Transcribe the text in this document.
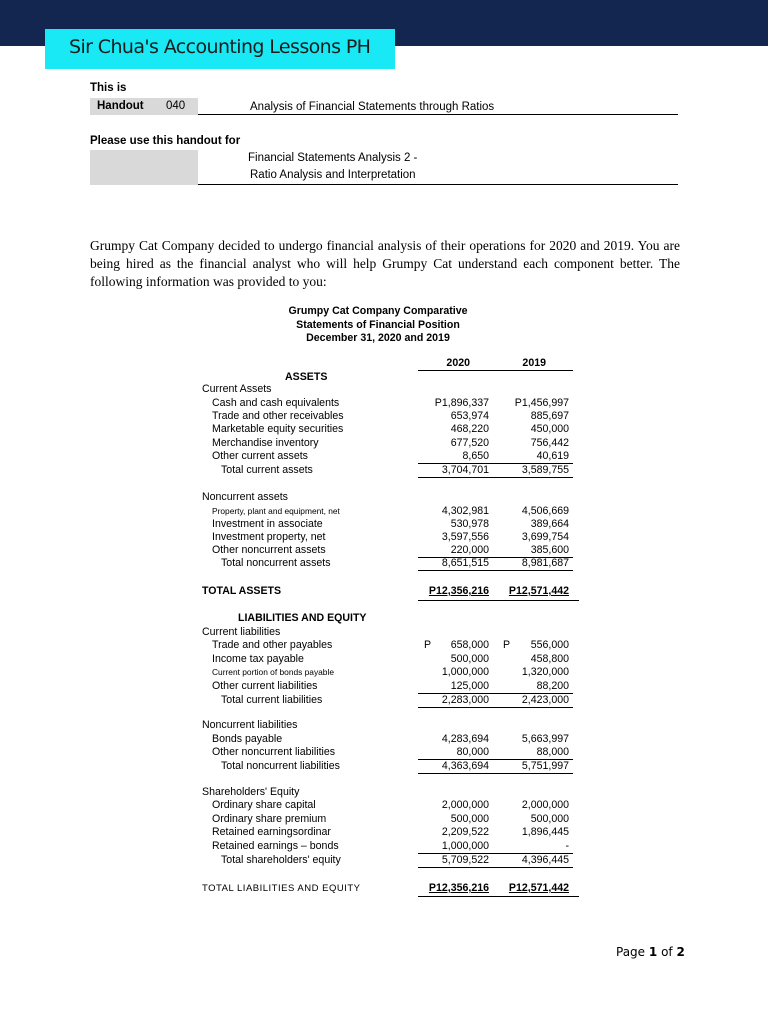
Sir Chua's Accounting Lessons PH
This is
Handout 040	Analysis of Financial Statements through Ratios
Please use this handout for
Financial Statements Analysis 2 -
Ratio Analysis and Interpretation
Grumpy Cat Company decided to undergo financial analysis of their operations for 2020 and 2019. You are being hired as the financial analyst who will help Grumpy Cat understand each component better. The following information was provided to you:
Grumpy Cat Company Comparative
Statements of Financial Position
December 31, 2020 and 2019
2020	2019
ASSETS
Current Assets
Cash and cash equivalents	P1,896,337	P1,456,997
Trade and other receivables	653,974	885,697
Marketable equity securities	468,220	450,000
Merchandise inventory	677,520	756,442
Other current assets	8,650	40,619
Total current assets	3,704,701	3,589,755
Noncurrent assets
Property, plant and equipment, net	4,302,981	4,506,669
Investment in associate	530,978	389,664
Investment property, net	3,597,556	3,699,754
Other noncurrent assets	220,000	385,600
Total noncurrent assets	8,651,515	8,981,687
TOTAL ASSETS	P12,356,216	P12,571,442
LIABILITIES AND EQUITY
Current liabilities
Trade and other payables	P	658,000 P	556,000
Income tax payable	500,000	458,800
Current portion of bonds payable	1,000,000	1,320,000
Other current liabilities	125,000	88,200
Total current liabilities	2,283,000	2,423,000
Noncurrent liabilities
Bonds payable	4,283,694	5,663,997
Other noncurrent liabilities	80,000	88,000
Total noncurrent liabilities	4,363,694	5,751,997
Shareholders' Equity
Ordinary share capital	2,000,000	2,000,000
Ordinary share premium	500,000	500,000
Retained earningsordinar	2,209,522	1,896,445
Retained earnings – bonds	1,000,000	-
Total shareholders' equity	5,709,522	4,396,445
TOTAL LIABILITIES AND EQUITY	P12,356,216	P12,571,442
Page 1 of 2
